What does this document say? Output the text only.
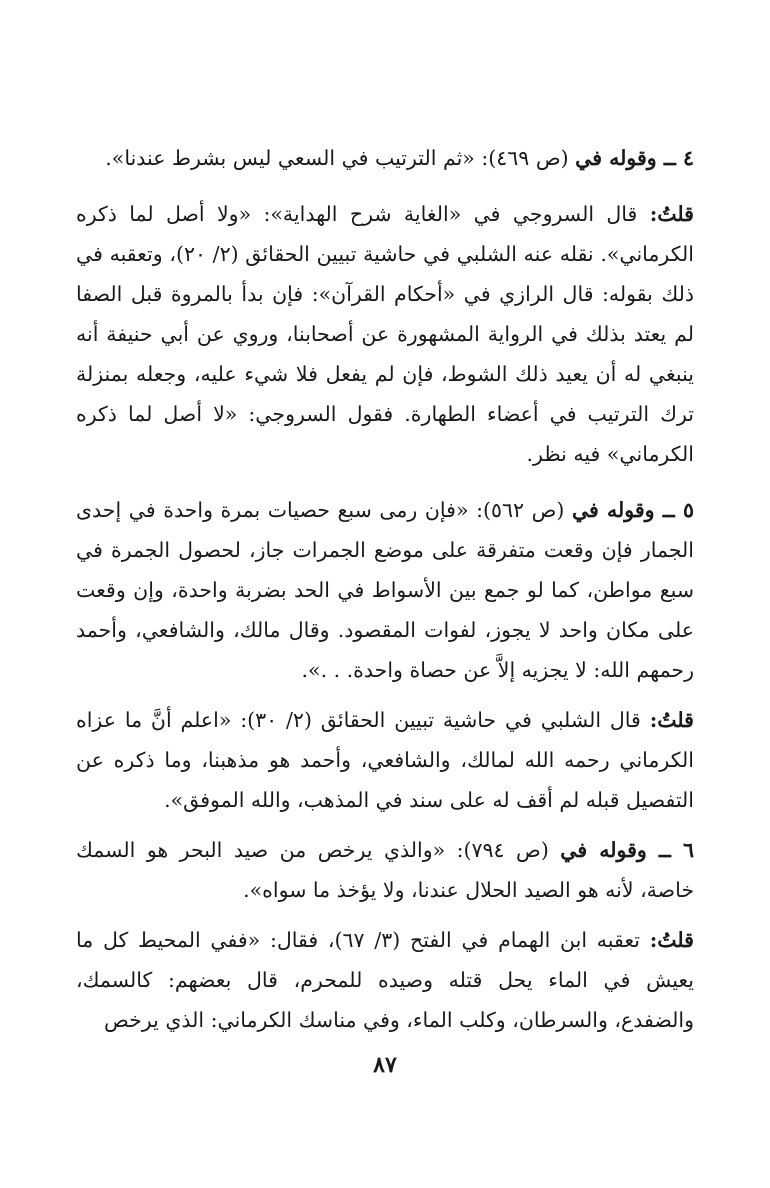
٤ ــ وقوله في (ص ٤٦٩): «ثم الترتيب في السعي ليس بشرط عندنا».

قلتُ: قال السروجي في «الغاية شرح الهداية»: «ولا أصل لما ذكره الكرماني». نقله عنه الشلبي في حاشية تبيين الحقائق (٢/ ٢٠)، وتعقبه في ذلك بقوله: قال الرازي في «أحكام القرآن»: فإن بدأ بالمروة قبل الصفا لم يعتد بذلك في الرواية المشهورة عن أصحابنا، وروي عن أبي حنيفة أنه ينبغي له أن يعيد ذلك الشوط، فإن لم يفعل فلا شيء عليه، وجعله بمنزلة ترك الترتيب في أعضاء الطهارة. فقول السروجي: «لا أصل لما ذكره الكرماني» فيه نظر.

٥ ــ وقوله في (ص ٥٦٢): «فإن رمى سبع حصيات بمرة واحدة في إحدى الجمار فإن وقعت متفرقة على موضع الجمرات جاز، لحصول الجمرة في سبع مواطن، كما لو جمع بين الأسواط في الحد بضربة واحدة، وإن وقعت على مكان واحد لا يجوز، لفوات المقصود. وقال مالك، والشافعي، وأحمد رحمهم الله: لا يجزيه إلاَّ عن حصاة واحدة. . .».

قلتُ: قال الشلبي في حاشية تبيين الحقائق (٢/ ٣٠): «اعلم أنَّ ما عزاه الكرماني رحمه الله لمالك، والشافعي، وأحمد هو مذهبنا، وما ذكره عن التفصيل قبله لم أقف له على سند في المذهب، والله الموفق».

٦ ــ وقوله في (ص ٧٩٤): «والذي يرخص من صيد البحر هو السمك خاصة، لأنه هو الصيد الحلال عندنا، ولا يؤخذ ما سواه».

قلتُ: تعقبه ابن الهمام في الفتح (٣/ ٦٧)، فقال: «ففي المحيط كل ما يعيش في الماء يحل قتله وصيده للمحرم، قال بعضهم: كالسمك، والضفدع، والسرطان، وكلب الماء، وفي مناسك الكرماني: الذي يرخص

٨٧
